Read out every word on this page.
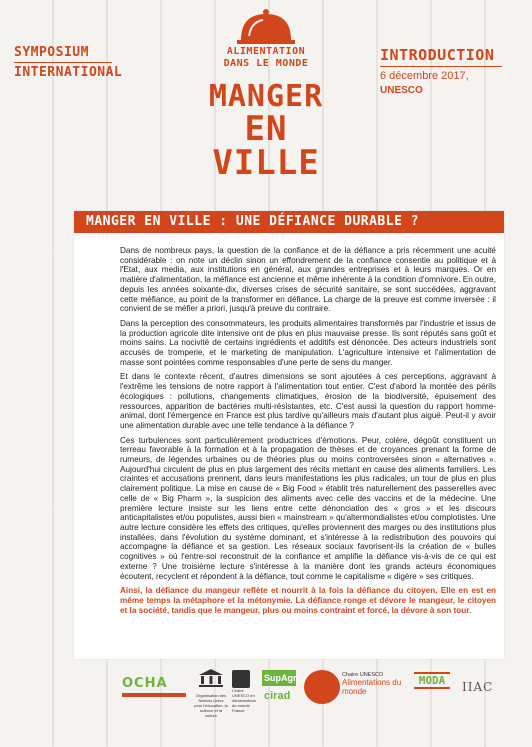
SYMPOSIUM
INTERNATIONAL
INTRODUCTION
6 décembre 2017,
UNESCO
ALIMENTATION
DANS LE MONDE
MANGER
EN VILLE
MANGER EN VILLE : UNE DÉFIANCE DURABLE ?

Dans de nombreux pays, la question de la confiance et de la défiance a pris récemment une acuité considérable : on note un déclin sinon un effondrement de la confiance consentie au politique et à l'Etat, aux media, aux institutions en général, aux grandes entreprises et à leurs marques. Or en matière d'alimentation, la méfiance est ancienne et même inhérente à la condition d'omnivore. En outre, depuis les années soixante-dix, diverses crises de sécurité sanitaire, se sont succédées, aggravant cette méfiance, au point de la transformer en défiance. La charge de la preuve est comme inversée : il convient de se méfier a priori, jusqu'à preuve du contraire.

Dans la perception des consommateurs, les produits alimentaires transformés par l'industrie et issus de la production agricole dite intensive ont de plus en plus mauvaise presse. Ils sont réputés sans goût et moins sains. La nocivité de certains ingrédients et additifs est dénoncée. Des acteurs industriels sont accusés de tromperie, et le marketing de manipulation. L'agriculture intensive et l'alimentation de masse sont pointées comme responsables d'une perte de sens du manger.

Et dans le contexte récent, d'autres dimensions se sont ajoutées à ces perceptions, aggravant à l'extrême les tensions de notre rapport à l'alimentation tout entier. C'est d'abord la montée des périls écologiques : pollutions, changements climatiques, érosion de la biodiversité, épuisement des ressources, apparition de bactéries multi-résistantes, etc. C'est aussi la question du rapport homme-animal, dont l'émergence en France est plus tardive qu'ailleurs mais d'autant plus aiguë. Peut-il y avoir une alimentation durable avec une telle tendance à la défiance ?

Ces turbulences sont particulièrement productrices d'émotions. Peur, colère, dégoût constituent un terreau favorable à la formation et à la propagation de thèses et de croyances prenant la forme de rumeurs, de légendes urbaines ou de théories plus ou moins controversées sinon « alternatives ». Aujourd'hui circulent de plus en plus largement des récits mettant en cause des aliments familiers. Les craintes et accusations prennent, dans leurs manifestations les plus radicales, un tour de plus en plus clairement politique. La mise en cause de « Big Food » établit très naturellement des passerelles avec celle de « Big Pharm », la suspicion des aliments avec celle des vaccins et de la médecine. Une première lecture insiste sur les liens entre cette dénonciation des « gros » et les discours anticapitalistes et/ou populistes, aussi bien « mainstream » qu'altermondialistes et/ou complotistes. Une autre lecture considère les effets des critiques, qu'elles proviennent des marges ou des institutions plus installées, dans l'évolution du système dominant, et s'intéresse à la redistribution des pouvoirs qui accompagne la défiance et sa gestion. Les réseaux sociaux favorisent-ils la création de « bulles cognitives » où l'entre-soi reconstruit de la confiance et amplifie la défiance vis-à-vis de ce qui est externe ? Une troisième lecture s'intéresse à la manière dont les grands acteurs économiques écoutent, recyclent et répondent à la défiance, tout comme le capitalisme « digère » ses critiques.

Ainsi, la défiance du mangeur reflète et nourrit à la fois la défiance du citoyen. Elle en est en même temps la métaphore et la métonymie. La défiance ronge et dévore le mangeur, le citoyen et la société, tandis que le mangeur, plus ou moins contraint et forcé, la dévore à son tour.

OCHA
Organisation des Nations Unies pour l'éducation, la science et la culture
Chaire UNESCO en Alimentations du monde France
SupAgro
cirad
Chaire UNESCO
Alimentations du monde
MODA	IIAC
